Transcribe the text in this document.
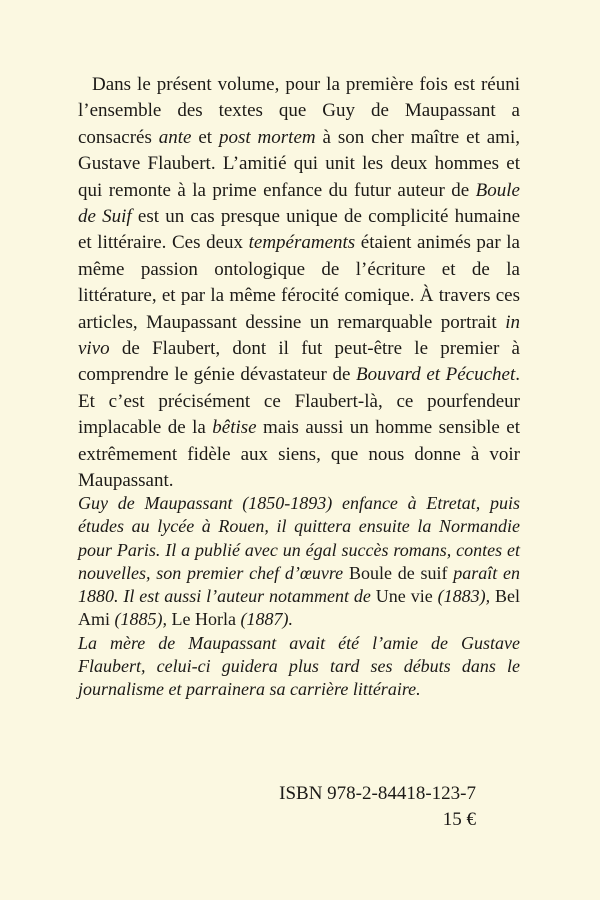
Dans le présent volume, pour la première fois est réuni l’ensemble des textes que Guy de Maupassant a consacrés ante et post mortem à son cher maître et ami, Gustave Flaubert. L’amitié qui unit les deux hommes et qui remonte à la prime enfance du futur auteur de Boule de Suif est un cas presque unique de complicité humaine et littéraire. Ces deux tempéraments étaient animés par la même passion ontologique de l’écriture et de la littérature, et par la même férocité comique. À travers ces articles, Maupassant dessine un remarquable portrait in vivo de Flaubert, dont il fut peut-être le premier à comprendre le génie dévastateur de Bouvard et Pécuchet. Et c’est précisément ce Flaubert-là, ce pourfendeur implacable de la bêtise mais aussi un homme sensible et extrêmement fidèle aux siens, que nous donne à voir Maupassant.

Guy de Maupassant (1850-1893) enfance à Etretat, puis études au lycée à Rouen, il quittera ensuite la Normandie pour Paris. Il a publié avec un égal succès romans, contes et nouvelles, son premier chef d’œuvre Boule de suif paraît en 1880. Il est aussi l’auteur notamment de Une vie (1883), Bel Ami (1885), Le Horla (1887).

La mère de Maupassant avait été l’amie de Gustave Flaubert, celui-ci guidera plus tard ses débuts dans le journalisme et parrainera sa carrière littéraire.

ISBN 978-2-84418-123-7
15 €
